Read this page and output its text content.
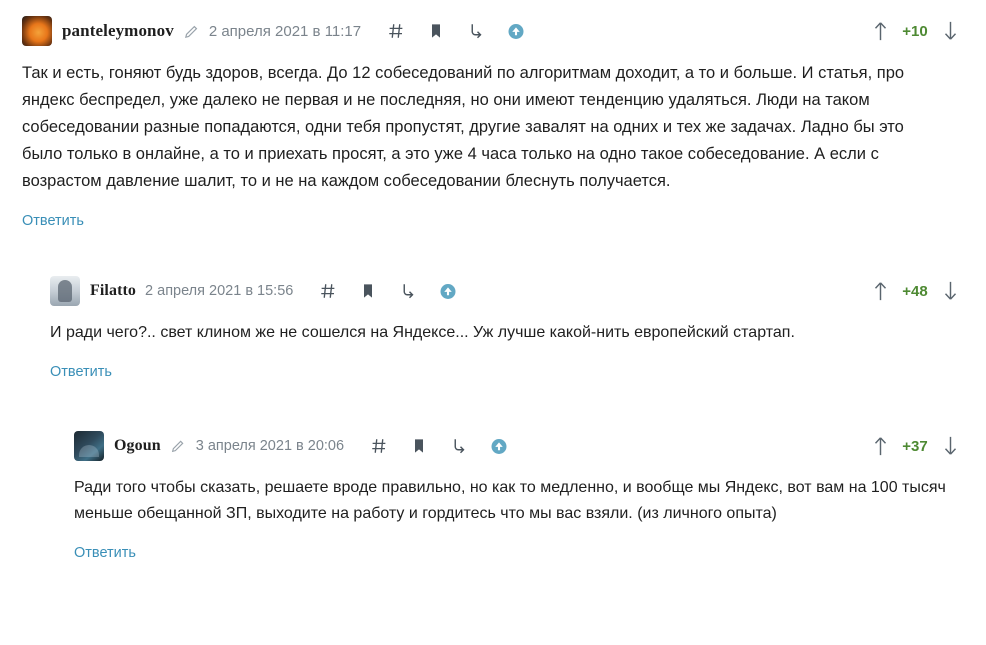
panteleymonov 2 апреля 2021 в 11:17	+10
Так и есть, гоняют будь здоров, всегда. До 12 собеседований по алгоритмам доходит, а то и больше. И статья, про яндекс беспредел, уже далеко не первая и не последняя, но они имеют тенденцию удаляться. Люди на таком собеседовании разные попадаются, одни тебя пропустят, другие завалят на одних и тех же задачах. Ладно бы это было только в онлайне, а то и приехать просят, а это уже 4 часа только на одно такое собеседование. А если с возрастом давление шалит, то и не на каждом собеседовании блеснуть получается.
Ответить
Filatto 2 апреля 2021 в 15:56	+48
И ради чего?.. свет клином же не сошелся на Яндексе... Уж лучше какой-нить европейский стартап.
Ответить
Ogoun 3 апреля 2021 в 20:06	+37
Ради того чтобы сказать, решаете вроде правильно, но как то медленно, и вообще мы Яндекс, вот вам на 100 тысяч меньше обещанной ЗП, выходите на работу и гордитесь что мы вас взяли. (из личного опыта)
Ответить
